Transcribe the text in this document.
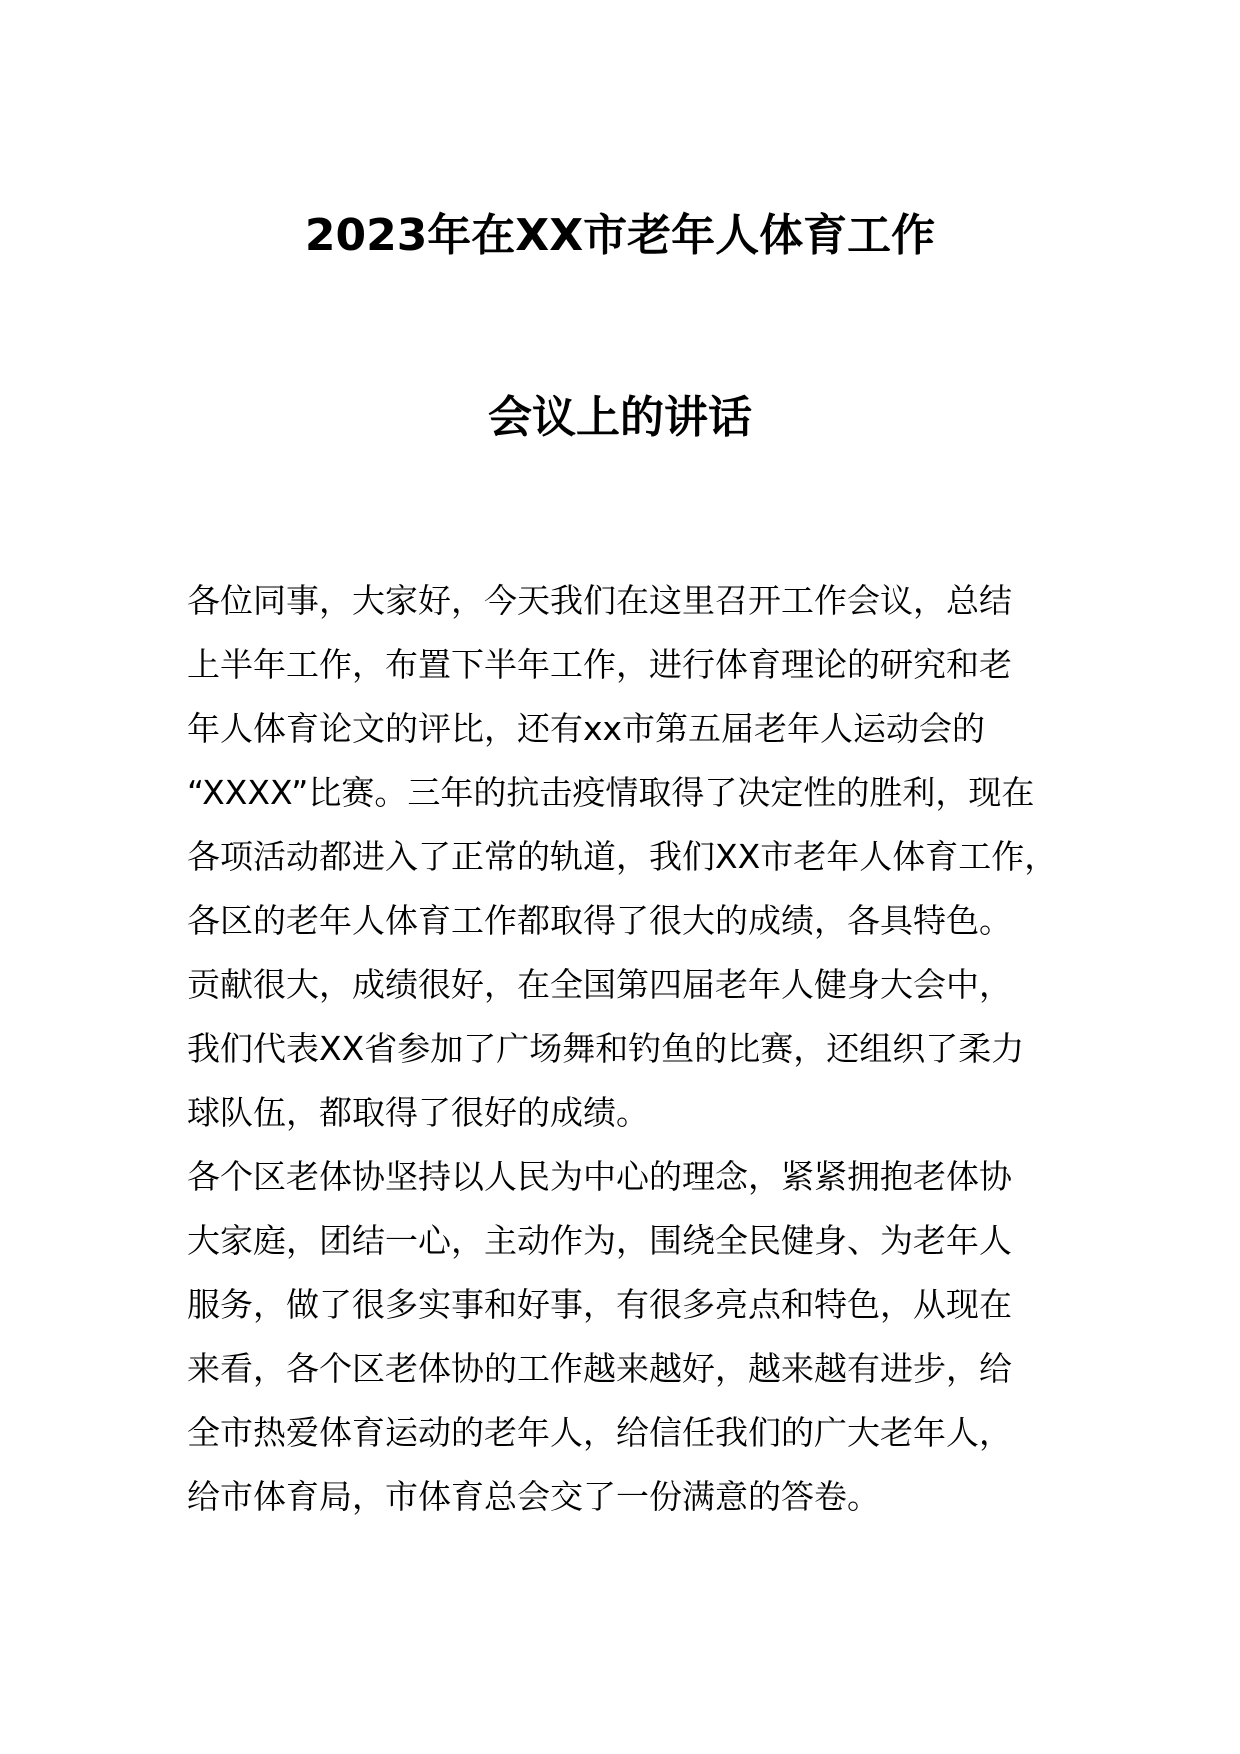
2023年在XX市老年人体育工作
会议上的讲话

各位同事，大家好，今天我们在这里召开工作会议，总结

上半年工作，布置下半年工作，进行体育理论的研究和老

年人体育论文的评比，还有xx市第五届老年人运动会的

“XXXX”比赛。三年的抗击疫情取得了决定性的胜利，现在

各项活动都进入了正常的轨道，我们XX市老年人体育工作，

各区的老年人体育工作都取得了很大的成绩，各具特色。

贡献很大，成绩很好，在全国第四届老年人健身大会中，

我们代表XX省参加了广场舞和钓鱼的比赛，还组织了柔力

球队伍，都取得了很好的成绩。

各个区老体协坚持以人民为中心的理念，紧紧拥抱老体协

大家庭，团结一心，主动作为，围绕全民健身、为老年人

服务，做了很多实事和好事，有很多亮点和特色，从现在

来看，各个区老体协的工作越来越好，越来越有进步，给

全市热爱体育运动的老年人，给信任我们的广大老年人，

给市体育局，市体育总会交了一份满意的答卷。
